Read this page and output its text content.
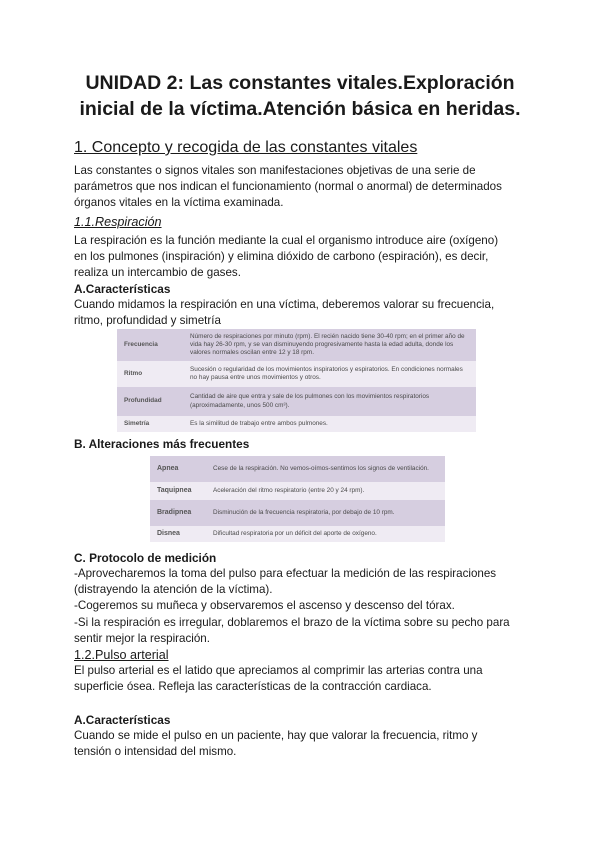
UNIDAD 2: Las constantes vitales.Exploración inicial de la víctima.Atención básica en heridas.
1. Concepto y recogida de las constantes vitales
Las constantes o signos vitales son manifestaciones objetivas de una serie de
parámetros que nos indican el funcionamiento (normal o anormal) de determinados
órganos vitales en la víctima examinada.
1.1.Respiración
La respiración es la función mediante la cual el organismo introduce aire (oxígeno)
en los pulmones (inspiración) y elimina dióxido de carbono (espiración), es decir,
realiza un intercambio de gases.
A.Características
Cuando midamos la respiración en una víctima, deberemos valorar su frecuencia,
ritmo, profundidad y simetría
Frecuencia	Número de respiraciones por minuto (rpm). El recién nacido tiene 30-40 rpm; en el primer año de vida hay 26-30 rpm, y se van disminuyendo progresivamente hasta la edad adulta, donde los valores normales oscilan entre 12 y 18 rpm.
Ritmo	Sucesión o regularidad de los movimientos inspiratorios y espiratorios. En condiciones normales no hay pausa entre unos movimientos y otros.
Profundidad	Cantidad de aire que entra y sale de los pulmones con los movimientos respiratorios (aproximadamente, unos 500 cm³).
Simetría	Es la similitud de trabajo entre ambos pulmones.
B. Alteraciones más frecuentes
Apnea	Cese de la respiración. No vemos-oímos-sentimos los signos de ventilación.
Taquipnea	Aceleración del ritmo respiratorio (entre 20 y 24 rpm).
Bradipnea	Disminución de la frecuencia respiratoria, por debajo de 10 rpm.
Disnea	Dificultad respiratoria por un déficit del aporte de oxígeno.
C. Protocolo de medición
-Aprovecharemos la toma del pulso para efectuar la medición de las respiraciones
(distrayendo la atención de la víctima).
-Cogeremos su muñeca y observaremos el ascenso y descenso del tórax.
-Si la respiración es irregular, doblaremos el brazo de la víctima sobre su pecho para
sentir mejor la respiración.
1.2.Pulso arterial
El pulso arterial es el latido que apreciamos al comprimir las arterias contra una
superficie ósea. Refleja las características de la contracción cardiaca.
A.Características
Cuando se mide el pulso en un paciente, hay que valorar la frecuencia, ritmo y
tensión o intensidad del mismo.
